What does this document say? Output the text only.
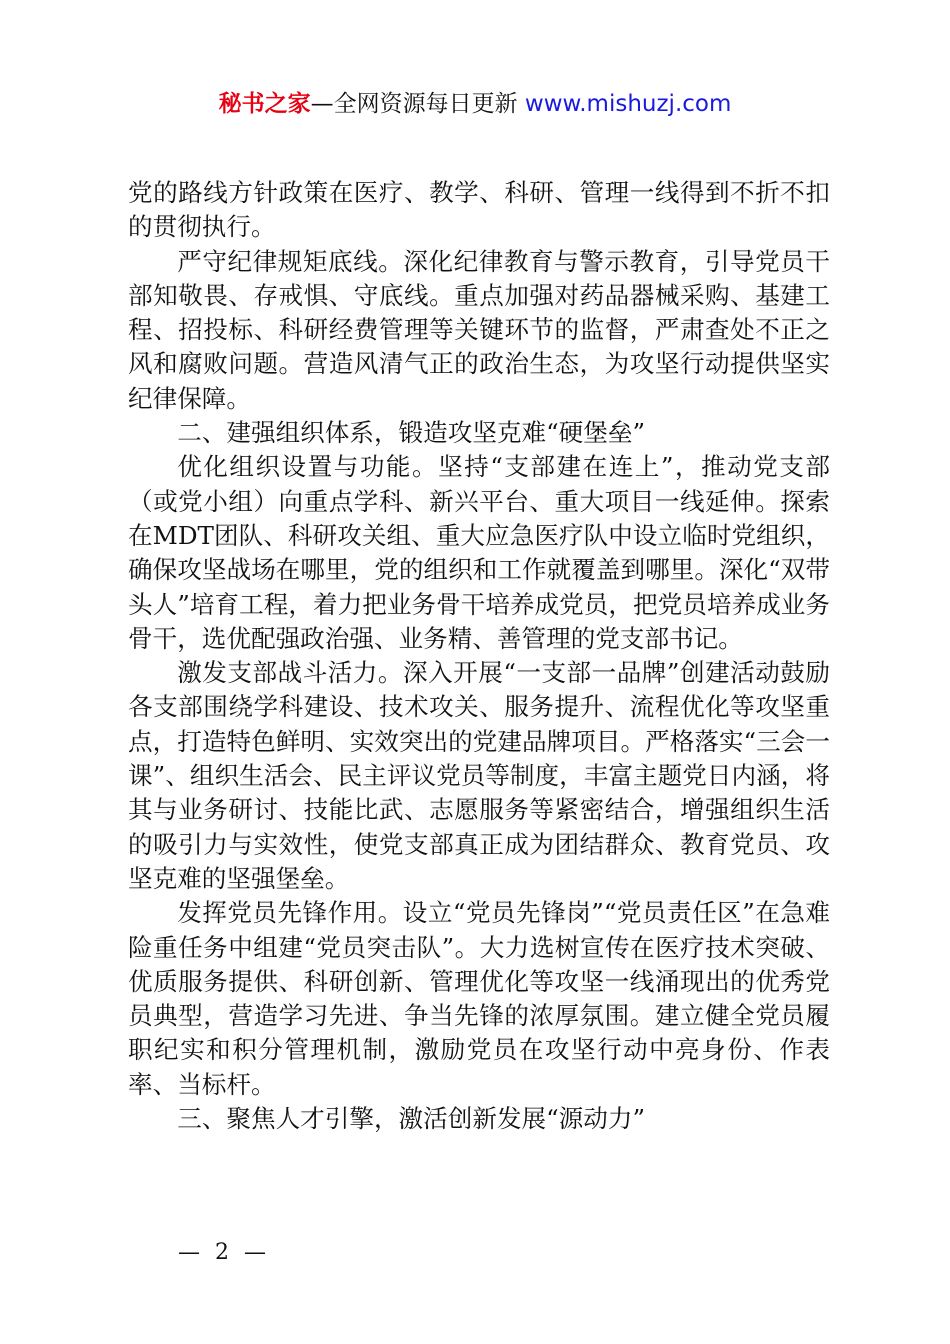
秘书之家—全网资源每日更新 www.mishuzj.com

党的路线方针政策在医疗、教学、科研、管理一线得到不折不扣的贯彻执行。

严守纪律规矩底线。深化纪律教育与警示教育，引导党员干部知敬畏、存戒惧、守底线。重点加强对药品器械采购、基建工程、招投标、科研经费管理等关键环节的监督，严肃查处不正之风和腐败问题。营造风清气正的政治生态，为攻坚行动提供坚实纪律保障。

二、建强组织体系，锻造攻坚克难“硬堡垒”

优化组织设置与功能。坚持“支部建在连上”，推动党支部（或党小组）向重点学科、新兴平台、重大项目一线延伸。探索在MDT团队、科研攻关组、重大应急医疗队中设立临时党组织，确保攻坚战场在哪里，党的组织和工作就覆盖到哪里。深化“双带头人”培育工程，着力把业务骨干培养成党员，把党员培养成业务骨干，选优配强政治强、业务精、善管理的党支部书记。

激发支部战斗活力。深入开展“一支部一品牌”创建活动鼓励各支部围绕学科建设、技术攻关、服务提升、流程优化等攻坚重点，打造特色鲜明、实效突出的党建品牌项目。严格落实“三会一课”、组织生活会、民主评议党员等制度，丰富主题党日内涵，将其与业务研讨、技能比武、志愿服务等紧密结合，增强组织生活的吸引力与实效性，使党支部真正成为团结群众、教育党员、攻坚克难的坚强堡垒。

发挥党员先锋作用。设立“党员先锋岗”“党员责任区”在急难险重任务中组建“党员突击队”。大力选树宣传在医疗技术突破、优质服务提供、科研创新、管理优化等攻坚一线涌现出的优秀党员典型，营造学习先进、争当先锋的浓厚氛围。建立健全党员履职纪实和积分管理机制，激励党员在攻坚行动中亮身份、作表率、当标杆。

三、聚焦人才引擎，激活创新发展“源动力”

— 2 —
